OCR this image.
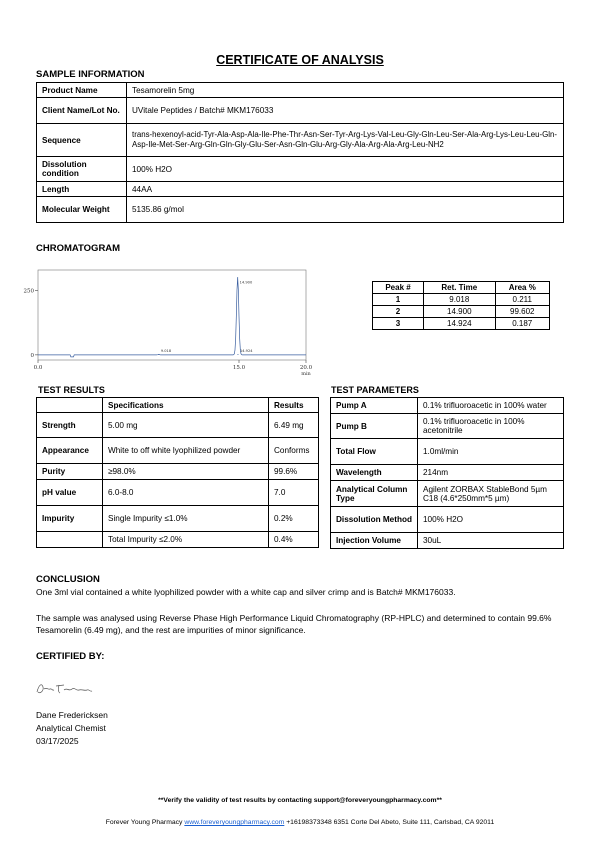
CERTIFICATE OF ANALYSIS
SAMPLE INFORMATION
Product Name	Tesamorelin 5mg
Client Name/Lot No.	UVitale Peptides / Batch# MKM176033
Sequence	trans-hexenoyl-acid-Tyr-Ala-Asp-Ala-Ile-Phe-Thr-Asn-Ser-Tyr-Arg-Lys-Val-Leu-Gly-Gln-Leu-Ser-Ala-Arg-Lys-Leu-Leu-Gln-Asp-Ile-Met-Ser-Arg-Gln-Gln-Gly-Glu-Ser-Asn-Gln-Glu-Arg-Gly-Ala-Arg-Ala-Arg-Leu-NH2
Dissolution condition	100% H2O
Length	44AA
Molecular Weight	5135.86 g/mol
CHROMATOGRAM
250
0
0.0	15.0	20.0
min
9.018
14.900
14.924
Peak #	Ret. Time	Area %
1	9.018	0.211
2	14.900	99.602
3	14.924	0.187
TEST RESULTS
	Specifications	Results
Strength	5.00 mg	6.49 mg
Appearance	White to off white lyophilized powder	Conforms
Purity	≥98.0%	99.6%
pH value	6.0-8.0	7.0
Impurity	Single Impurity ≤1.0%	0.2%
	Total Impurity ≤2.0%	0.4%
TEST PARAMETERS
Pump A	0.1% trifluoroacetic in 100% water
Pump B	0.1% trifluoroacetic in 100% acetonitrile
Total Flow	1.0ml/min
Wavelength	214nm
Analytical Column Type	Agilent ZORBAX StableBond 5µm C18 (4.6*250mm*5 µm)
Dissolution Method	100% H2O
Injection Volume	30uL
CONCLUSION
One 3ml vial contained a white lyophilized powder with a white cap and silver crimp and is Batch# MKM176033.
The sample was analysed using Reverse Phase High Performance Liquid Chromatography (RP-HPLC) and determined to contain 99.6% Tesamorelin (6.49 mg), and the rest are impurities of minor significance.
CERTIFIED BY:
Dane Fredericksen
Analytical Chemist
03/17/2025
**Verify the validity of test results by contacting support@foreveryoungpharmacy.com**
Forever Young Pharmacy www.foreveryoungpharmacy.com +16198373348 6351 Corte Del Abeto, Suite 111, Carlsbad, CA 92011
